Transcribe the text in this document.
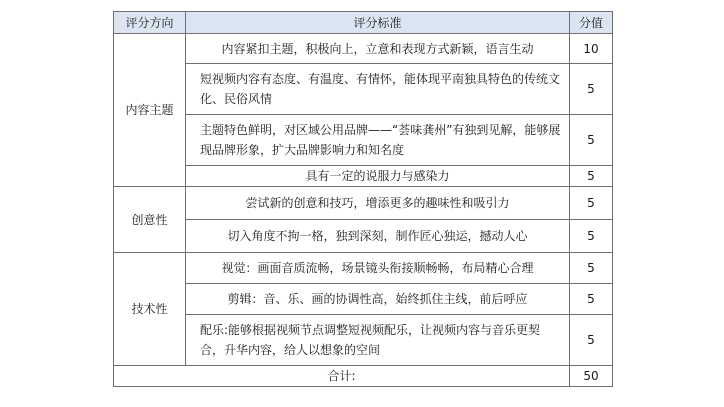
评分方向	评分标准	分值
内容主题	内容紧扣主题，积极向上，立意和表现方式新颖，语言生动	10
	短视频内容有态度、有温度、有情怀，能体现平南独具特色的传统文化、民俗风情	5
	主题特色鲜明，对区域公用品牌——“荟味龚州”有独到见解，能够展现品牌形象，扩大品牌影响力和知名度	5
	具有一定的说服力与感染力	5
创意性	尝试新的创意和技巧，增添更多的趣味性和吸引力	5
	切入角度不拘一格，独到深刻，制作匠心独运，撼动人心	5
技术性	视觉：画面音质流畅，场景镜头衔接顺畅畅，布局精心合理	5
	剪辑：音、乐、画的协调性高，始终抓住主线，前后呼应	5
	配乐:能够根据视频节点调整短视频配乐，让视频内容与音乐更契合，升华内容，给人以想象的空间	5
合计:		50
